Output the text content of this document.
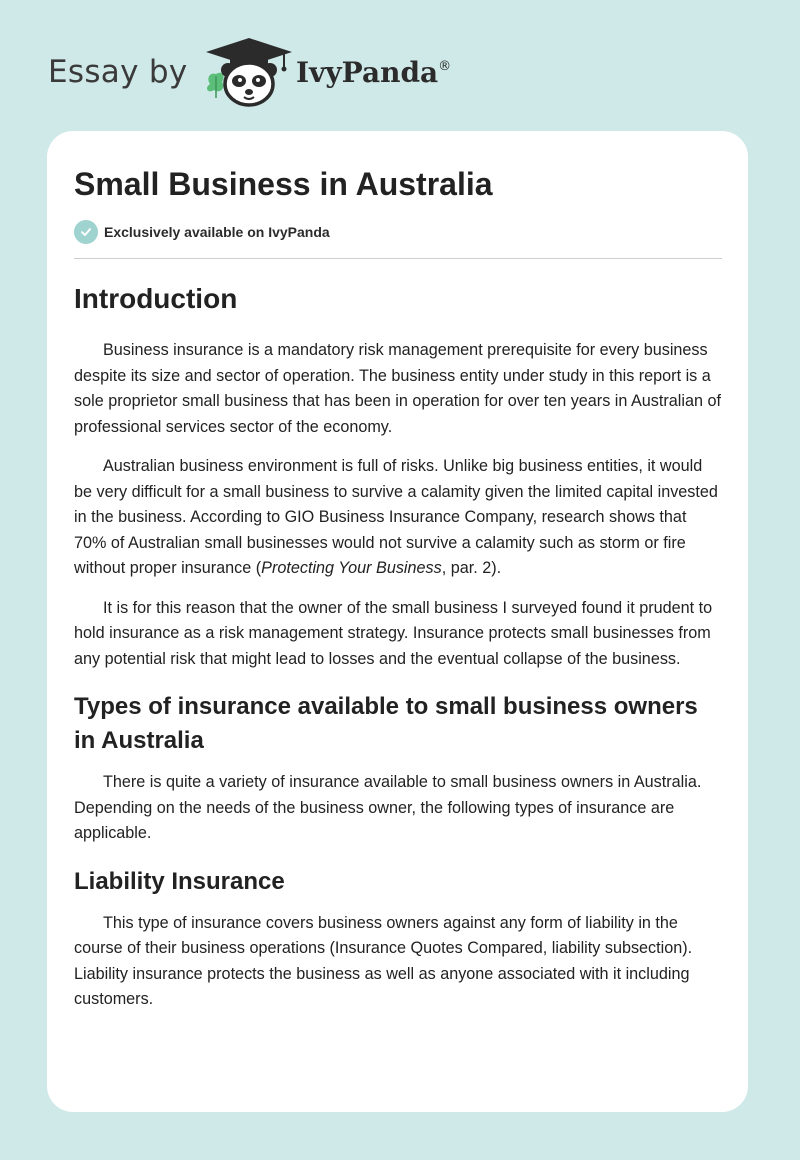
Essay by	IvyPanda®
Small Business in Australia
Exclusively available on IvyPanda
Introduction

Business insurance is a mandatory risk management prerequisite for every business despite its size and sector of operation. The business entity under study in this report is a sole proprietor small business that has been in operation for over ten years in Australian of professional services sector of the economy.

Australian business environment is full of risks. Unlike big business entities, it would be very difficult for a small business to survive a calamity given the limited capital invested in the business. According to GIO Business Insurance Company, research shows that 70% of Australian small businesses would not survive a calamity such as storm or fire without proper insurance (Protecting Your Business, par. 2).

It is for this reason that the owner of the small business I surveyed found it prudent to hold insurance as a risk management strategy. Insurance protects small businesses from any potential risk that might lead to losses and the eventual collapse of the business.

Types of insurance available to small business owners in Australia

There is quite a variety of insurance available to small business owners in Australia. Depending on the needs of the business owner, the following types of insurance are applicable.

Liability Insurance

This type of insurance covers business owners against any form of liability in the course of their business operations (Insurance Quotes Compared, liability subsection). Liability insurance protects the business as well as anyone associated with it including customers.
